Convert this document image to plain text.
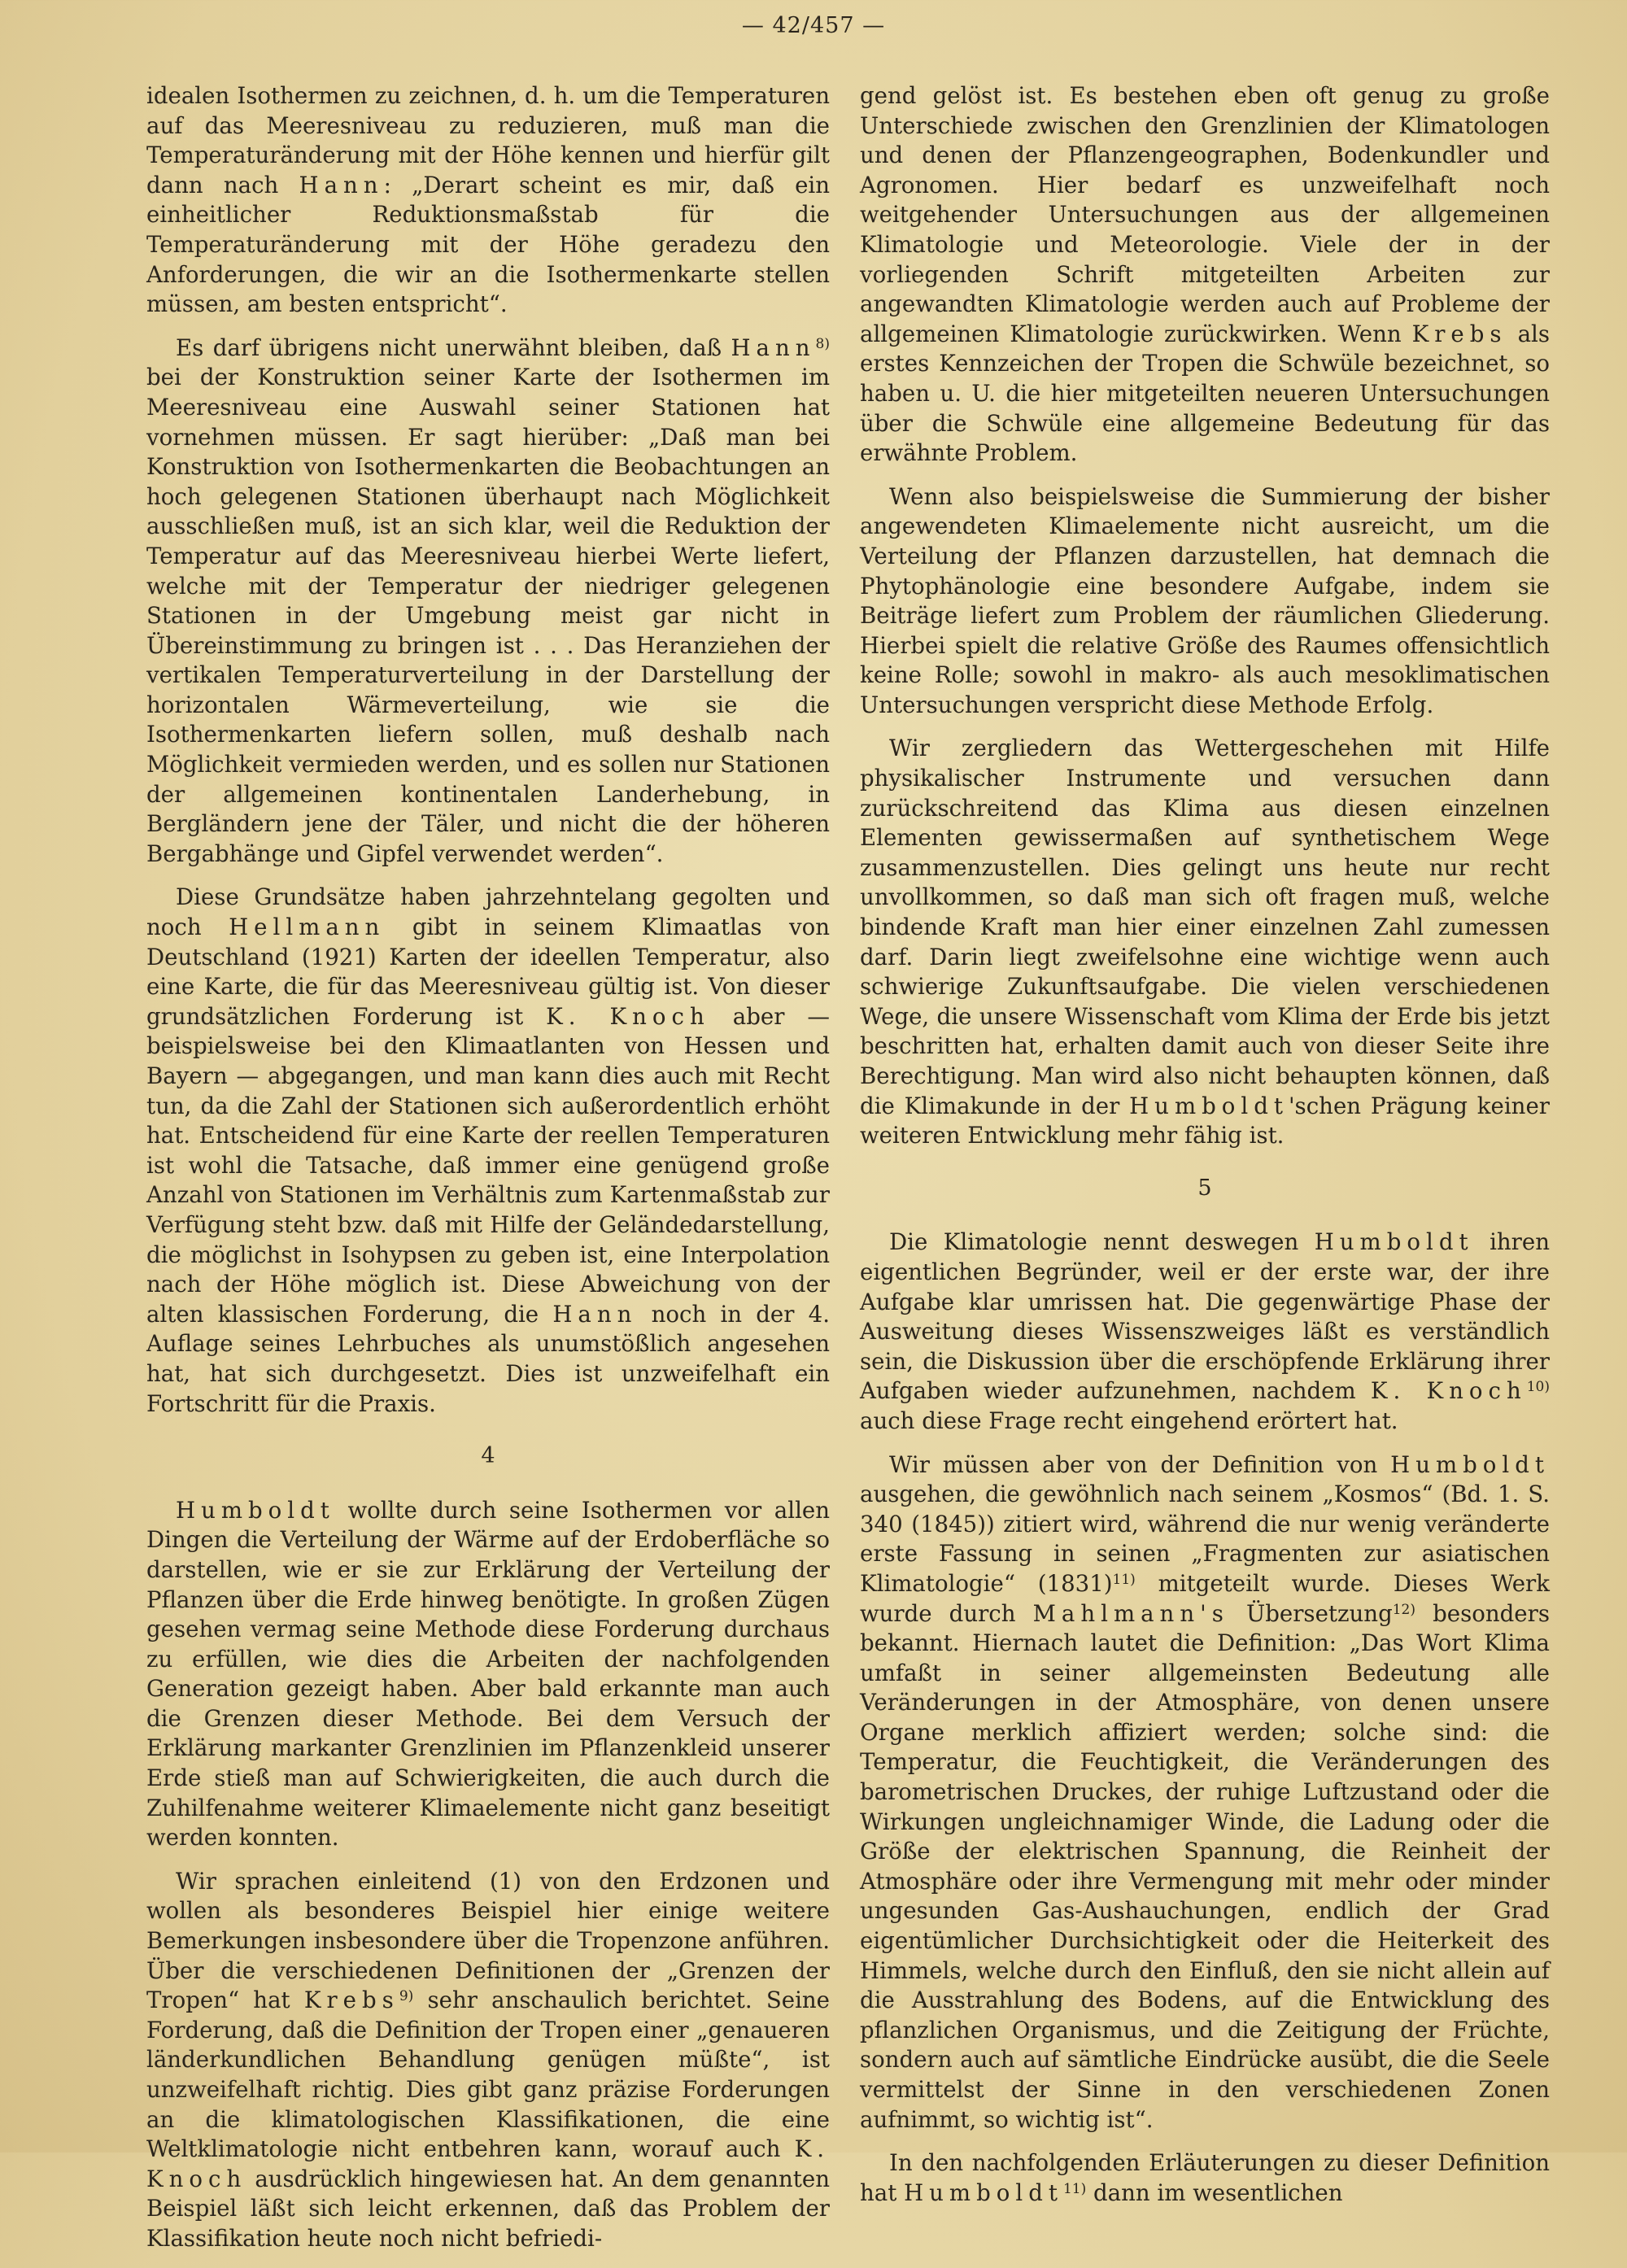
— 42/457 —

idealen Isothermen zu zeichnen, d. h. um die Temperaturen auf das Meeresniveau zu reduzieren, muß man die Temperaturänderung mit der Höhe kennen und hierfür gilt dann nach Hann: „Derart scheint es mir, daß ein einheitlicher Reduktionsmaßstab für die Temperaturänderung mit der Höhe geradezu den Anforderungen, die wir an die Isothermenkarte stellen müssen, am besten entspricht“.

Es darf übrigens nicht unerwähnt bleiben, daß Hann$^{8)}$ bei der Konstruktion seiner Karte der Isothermen im Meeresniveau eine Auswahl seiner Stationen hat vornehmen müssen. Er sagt hierüber: „Daß man bei Konstruktion von Isothermenkarten die Beobachtungen an hoch gelegenen Stationen überhaupt nach Möglichkeit ausschließen muß, ist an sich klar, weil die Reduktion der Temperatur auf das Meeresniveau hierbei Werte liefert, welche mit der Temperatur der niedriger gelegenen Stationen in der Umgebung meist gar nicht in Übereinstimmung zu bringen ist . . . Das Heranziehen der vertikalen Temperaturverteilung in der Darstellung der horizontalen Wärmeverteilung, wie sie die Isothermenkarten liefern sollen, muß deshalb nach Möglichkeit vermieden werden, und es sollen nur Stationen der allgemeinen kontinentalen Landerhebung, in Bergländern jene der Täler, und nicht die der höheren Bergabhänge und Gipfel verwendet werden“.

Diese Grundsätze haben jahrzehntelang gegolten und noch Hellmann gibt in seinem Klimaatlas von Deutschland (1921) Karten der ideellen Temperatur, also eine Karte, die für das Meeresniveau gültig ist. Von dieser grundsätzlichen Forderung ist K. Knoch aber — beispielsweise bei den Klimaatlanten von Hessen und Bayern — abgegangen, und man kann dies auch mit Recht tun, da die Zahl der Stationen sich außerordentlich erhöht hat. Entscheidend für eine Karte der reellen Temperaturen ist wohl die Tatsache, daß immer eine genügend große Anzahl von Stationen im Verhältnis zum Kartenmaßstab zur Verfügung steht bzw. daß mit Hilfe der Geländedarstellung, die möglichst in Isohypsen zu geben ist, eine Interpolation nach der Höhe möglich ist. Diese Abweichung von der alten klassischen Forderung, die Hann noch in der 4. Auflage seines Lehrbuches als unumstößlich angesehen hat, hat sich durchgesetzt. Dies ist unzweifelhaft ein Fortschritt für die Praxis.

4

Humboldt wollte durch seine Isothermen vor allen Dingen die Verteilung der Wärme auf der Erdoberfläche so darstellen, wie er sie zur Erklärung der Verteilung der Pflanzen über die Erde hinweg benötigte. In großen Zügen gesehen vermag seine Methode diese Forderung durchaus zu erfüllen, wie dies die Arbeiten der nachfolgenden Generation gezeigt haben. Aber bald erkannte man auch die Grenzen dieser Methode. Bei dem Versuch der Erklärung markanter Grenzlinien im Pflanzenkleid unserer Erde stieß man auf Schwierigkeiten, die auch durch die Zuhilfenahme weiterer Klimaelemente nicht ganz beseitigt werden konnten.

Wir sprachen einleitend (1) von den Erdzonen und wollen als besonderes Beispiel hier einige weitere Bemerkungen insbesondere über die Tropenzone anführen. Über die verschiedenen Definitionen der „Grenzen der Tropen“ hat Krebs$^{9)}$ sehr anschaulich berichtet. Seine Forderung, daß die Definition der Tropen einer „genaueren länderkundlichen Behandlung genügen müßte“, ist unzweifelhaft richtig. Dies gibt ganz präzise Forderungen an die klimatologischen Klassifikationen, die eine Weltklimatologie nicht entbehren kann, worauf auch K. Knoch ausdrücklich hingewiesen hat. An dem genannten Beispiel läßt sich leicht erkennen, daß das Problem der Klassifikation heute noch nicht befriedi-

gend gelöst ist. Es bestehen eben oft genug zu große Unterschiede zwischen den Grenzlinien der Klimatologen und denen der Pflanzengeographen, Bodenkundler und Agronomen. Hier bedarf es unzweifelhaft noch weitgehender Untersuchungen aus der allgemeinen Klimatologie und Meteorologie. Viele der in der vorliegenden Schrift mitgeteilten Arbeiten zur angewandten Klimatologie werden auch auf Probleme der allgemeinen Klimatologie zurückwirken. Wenn Krebs als erstes Kennzeichen der Tropen die Schwüle bezeichnet, so haben u. U. die hier mitgeteilten neueren Untersuchungen über die Schwüle eine allgemeine Bedeutung für das erwähnte Problem.

Wenn also beispielsweise die Summierung der bisher angewendeten Klimaelemente nicht ausreicht, um die Verteilung der Pflanzen darzustellen, hat demnach die Phytophänologie eine besondere Aufgabe, indem sie Beiträge liefert zum Problem der räumlichen Gliederung. Hierbei spielt die relative Größe des Raumes offensichtlich keine Rolle; sowohl in makro- als auch mesoklimatischen Untersuchungen verspricht diese Methode Erfolg.

Wir zergliedern das Wettergeschehen mit Hilfe physikalischer Instrumente und versuchen dann zurückschreitend das Klima aus diesen einzelnen Elementen gewissermaßen auf synthetischem Wege zusammenzustellen. Dies gelingt uns heute nur recht unvollkommen, so daß man sich oft fragen muß, welche bindende Kraft man hier einer einzelnen Zahl zumessen darf. Darin liegt zweifelsohne eine wichtige wenn auch schwierige Zukunftsaufgabe. Die vielen verschiedenen Wege, die unsere Wissenschaft vom Klima der Erde bis jetzt beschritten hat, erhalten damit auch von dieser Seite ihre Berechtigung. Man wird also nicht behaupten können, daß die Klimakunde in der Humboldt'schen Prägung keiner weiteren Entwicklung mehr fähig ist.

5

Die Klimatologie nennt deswegen Humboldt ihren eigentlichen Begründer, weil er der erste war, der ihre Aufgabe klar umrissen hat. Die gegenwärtige Phase der Ausweitung dieses Wissenszweiges läßt es verständlich sein, die Diskussion über die erschöpfende Erklärung ihrer Aufgaben wieder aufzunehmen, nachdem K. Knoch$^{10)}$ auch diese Frage recht eingehend erörtert hat.

Wir müssen aber von der Definition von Humboldt ausgehen, die gewöhnlich nach seinem „Kosmos“ (Bd. 1. S. 340 (1845)) zitiert wird, während die nur wenig veränderte erste Fassung in seinen „Fragmenten zur asiatischen Klimatologie“ $(1831)^{11)}$ mitgeteilt wurde. Dieses Werk wurde durch Mahlmann's Übersetzung$^{12)}$ besonders bekannt. Hiernach lautet die Definition: „Das Wort Klima umfaßt in seiner allgemeinsten Bedeutung alle Veränderungen in der Atmosphäre, von denen unsere Organe merklich affiziert werden; solche sind: die Temperatur, die Feuchtigkeit, die Veränderungen des barometrischen Druckes, der ruhige Luftzustand oder die Wirkungen ungleichnamiger Winde, die Ladung oder die Größe der elektrischen Spannung, die Reinheit der Atmosphäre oder ihre Vermengung mit mehr oder minder ungesunden Gas-Aushauchungen, endlich der Grad eigentümlicher Durchsichtigkeit oder die Heiterkeit des Himmels, welche durch den Einfluß, den sie nicht allein auf die Ausstrahlung des Bodens, auf die Entwicklung des pflanzlichen Organismus, und die Zeitigung der Früchte, sondern auch auf sämtliche Eindrücke ausübt, die die Seele vermittelst der Sinne in den verschiedenen Zonen aufnimmt, so wichtig ist“.

In den nachfolgenden Erläuterungen zu dieser Definition hat Humboldt$^{11)}$ dann im wesentlichen
